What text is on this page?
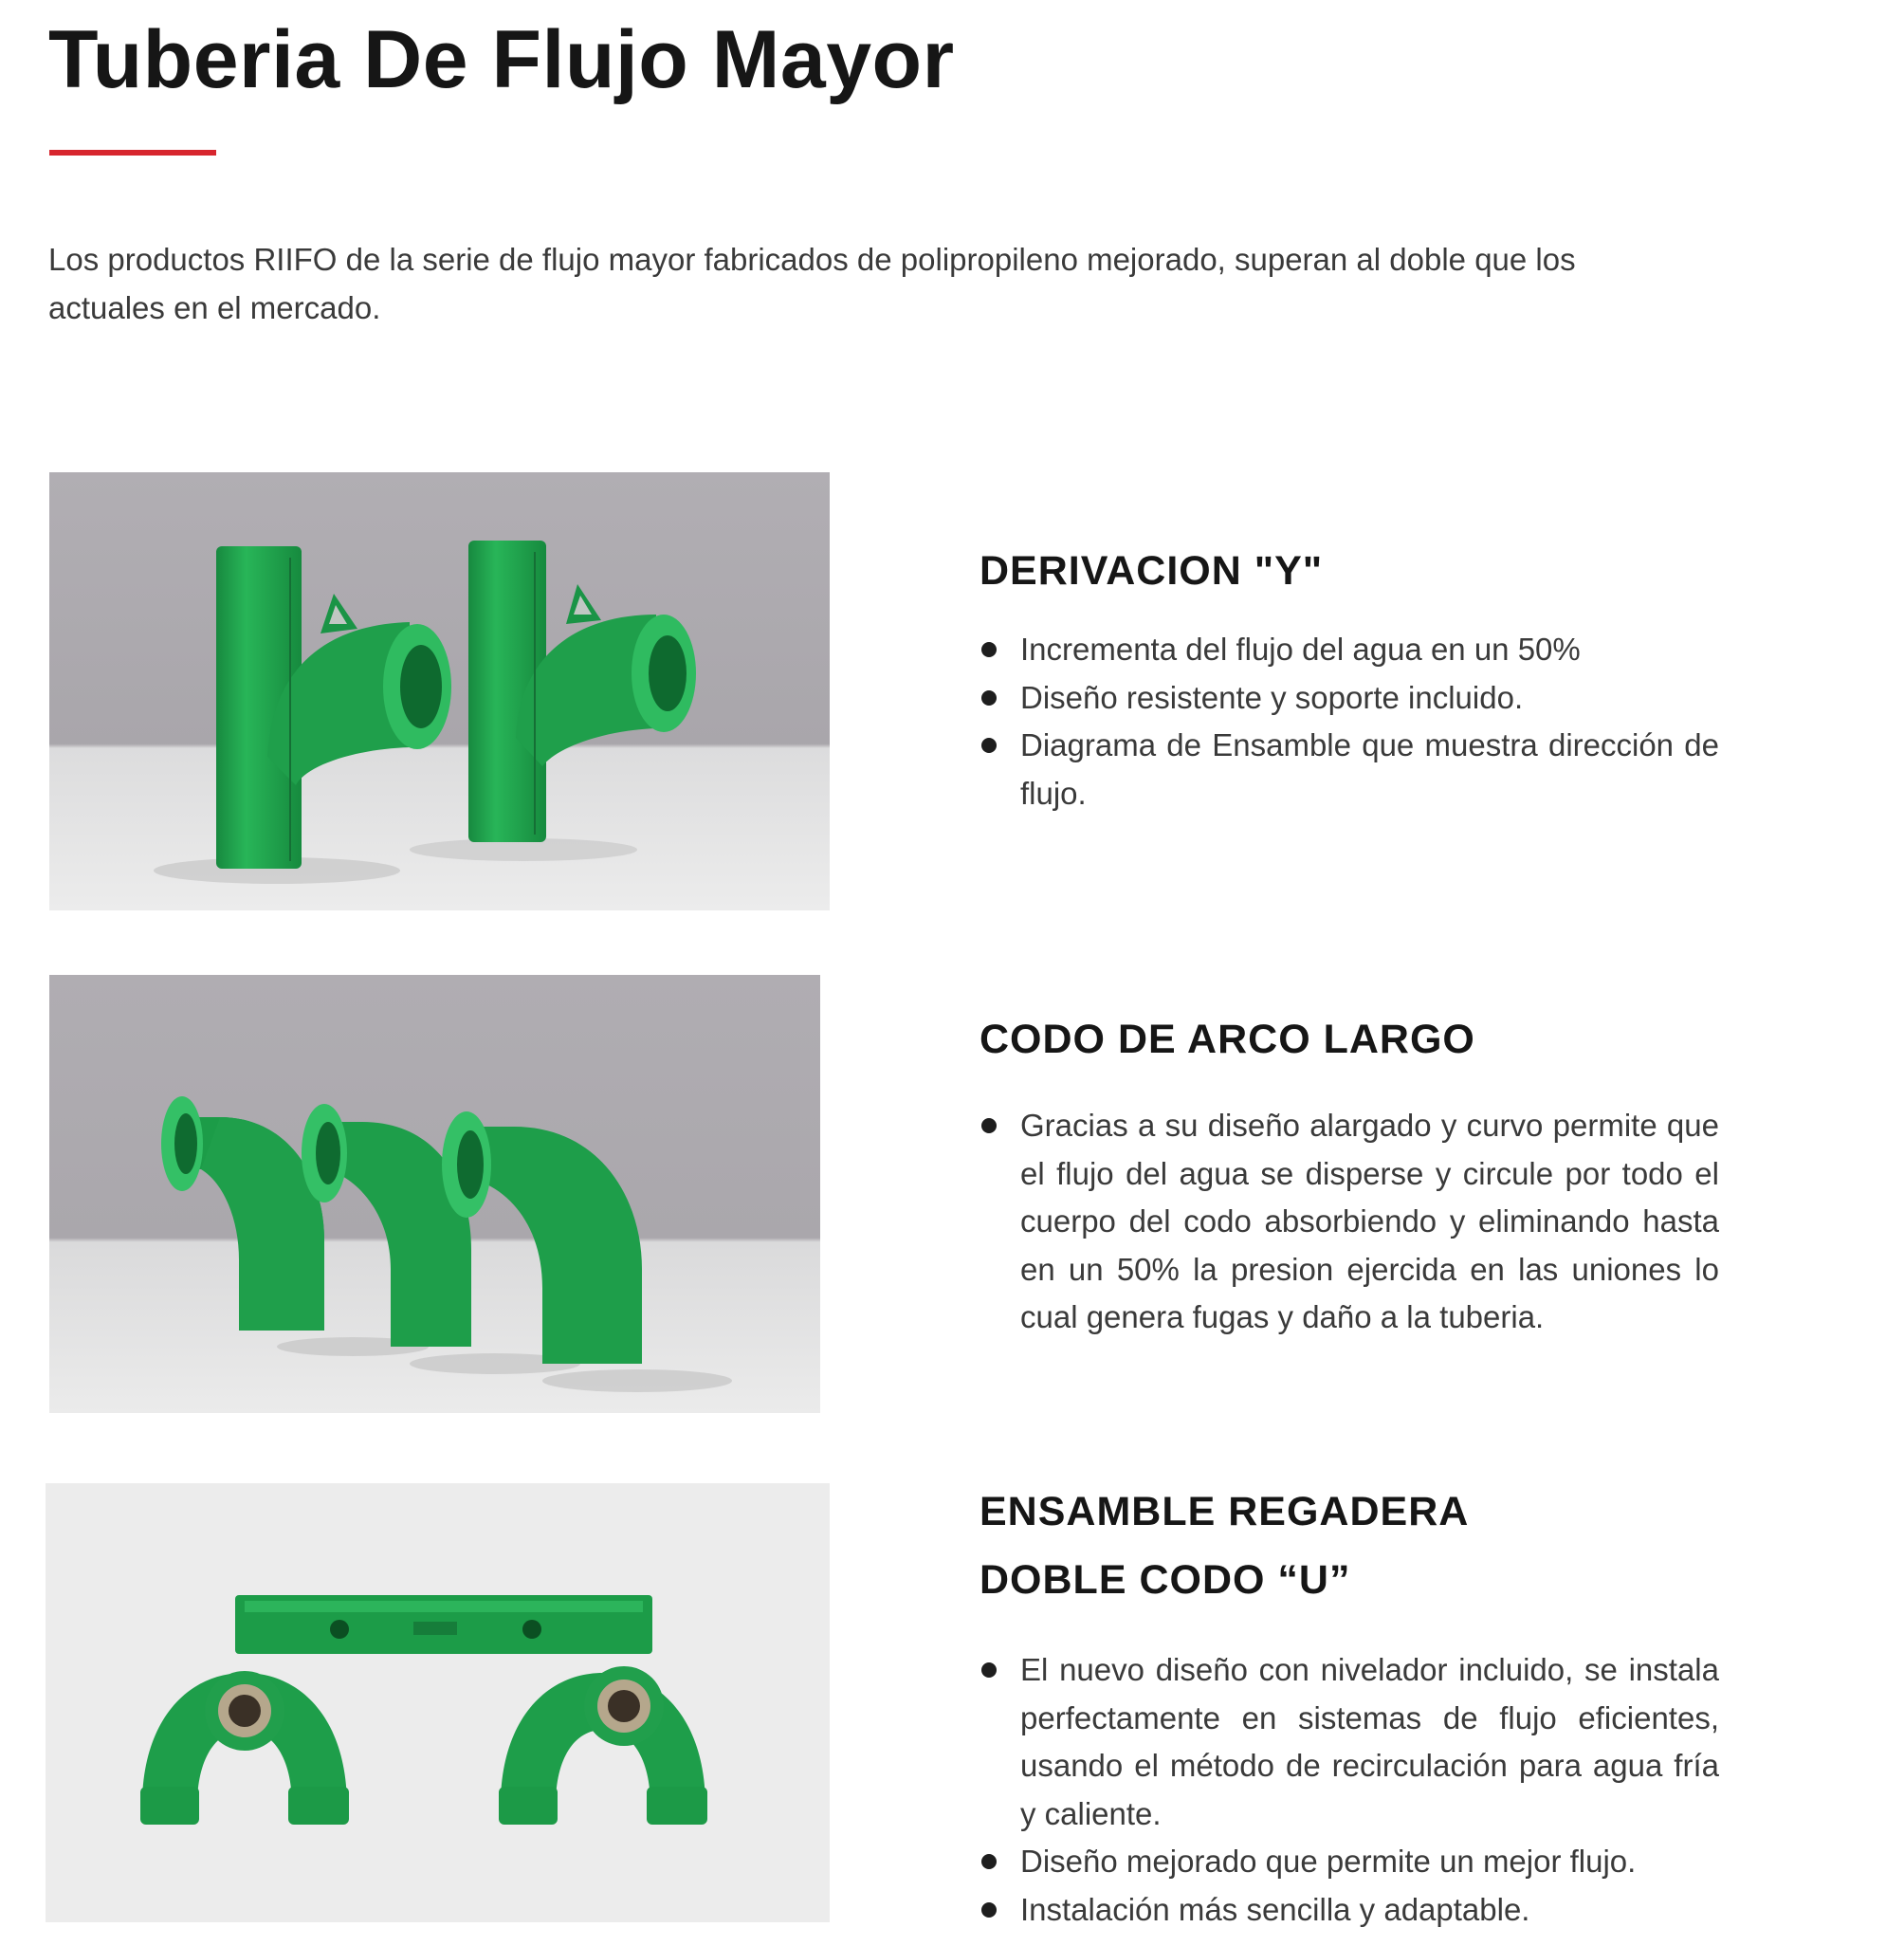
Tuberia De Flujo Mayor

Los productos RIIFO de la serie de flujo mayor fabricados de polipropileno mejorado, superan al doble que los actuales en el mercado.

DERIVACION "Y"
Incrementa del flujo del agua en un 50%
Diseño resistente y soporte incluido.
Diagrama de Ensamble que muestra dirección de flujo.
CODO DE ARCO LARGO
Gracias a su diseño alargado y curvo permite que el flujo del agua se disperse y circule por todo el cuerpo del codo absorbiendo y eliminando hasta en un 50% la presion ejercida en las uniones lo cual genera fugas y daño a la tuberia.
ENSAMBLE REGADERA
DOBLE CODO “U”
El nuevo diseño con nivelador incluido, se instala perfectamente en sistemas de flujo eficientes, usando el método de recirculación para agua fría y caliente.
Diseño mejorado que permite un mejor flujo.
Instalación más sencilla y adaptable.
